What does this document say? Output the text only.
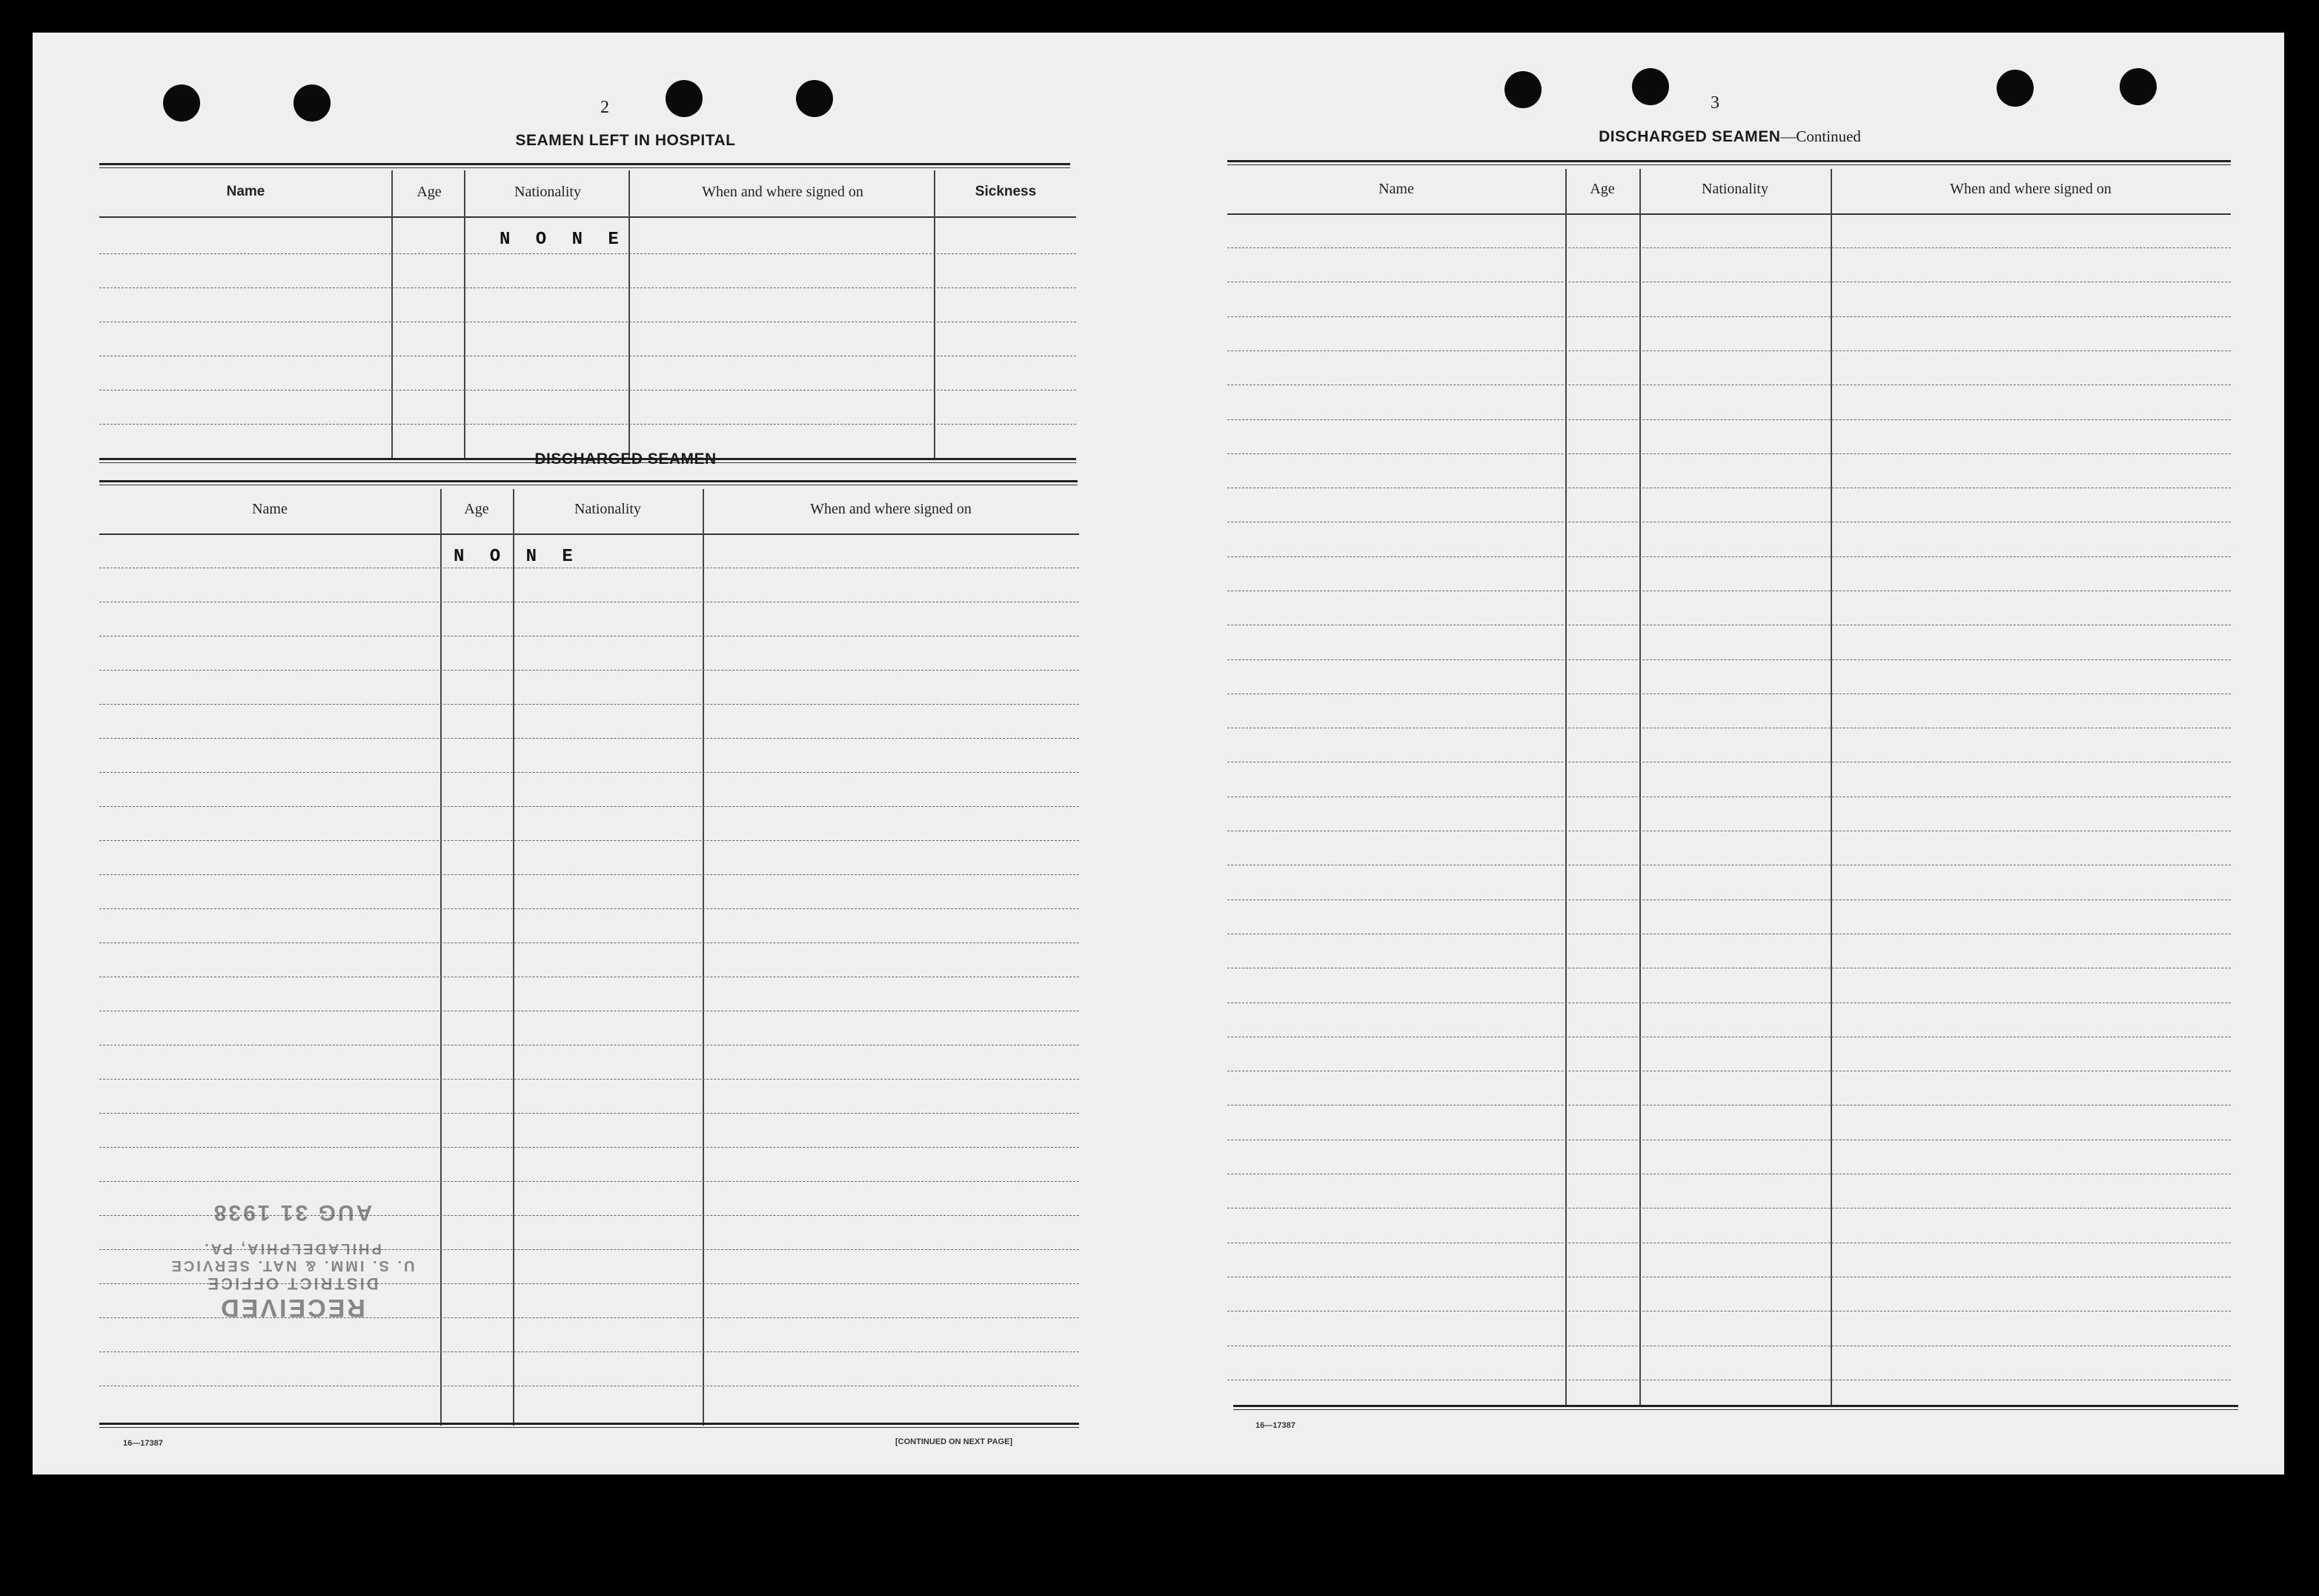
2
SEAMEN LEFT IN HOSPITAL
Name	Age	Nationality	When and where signed on	Sickness
N O N E
DISCHARGED SEAMEN
Name	Age	Nationality	When and where signed on
N O N E
16—17387	[CONTINUED ON NEXT PAGE]
RECEIVED
DISTRICT OFFICE
U. S. IMM. & NAT. SERVICE
PHILADELPHIA, PA.
AUG 31 1938
3
DISCHARGED SEAMEN—Continued
Name	Age	Nationality	When and where signed on
16—17387
